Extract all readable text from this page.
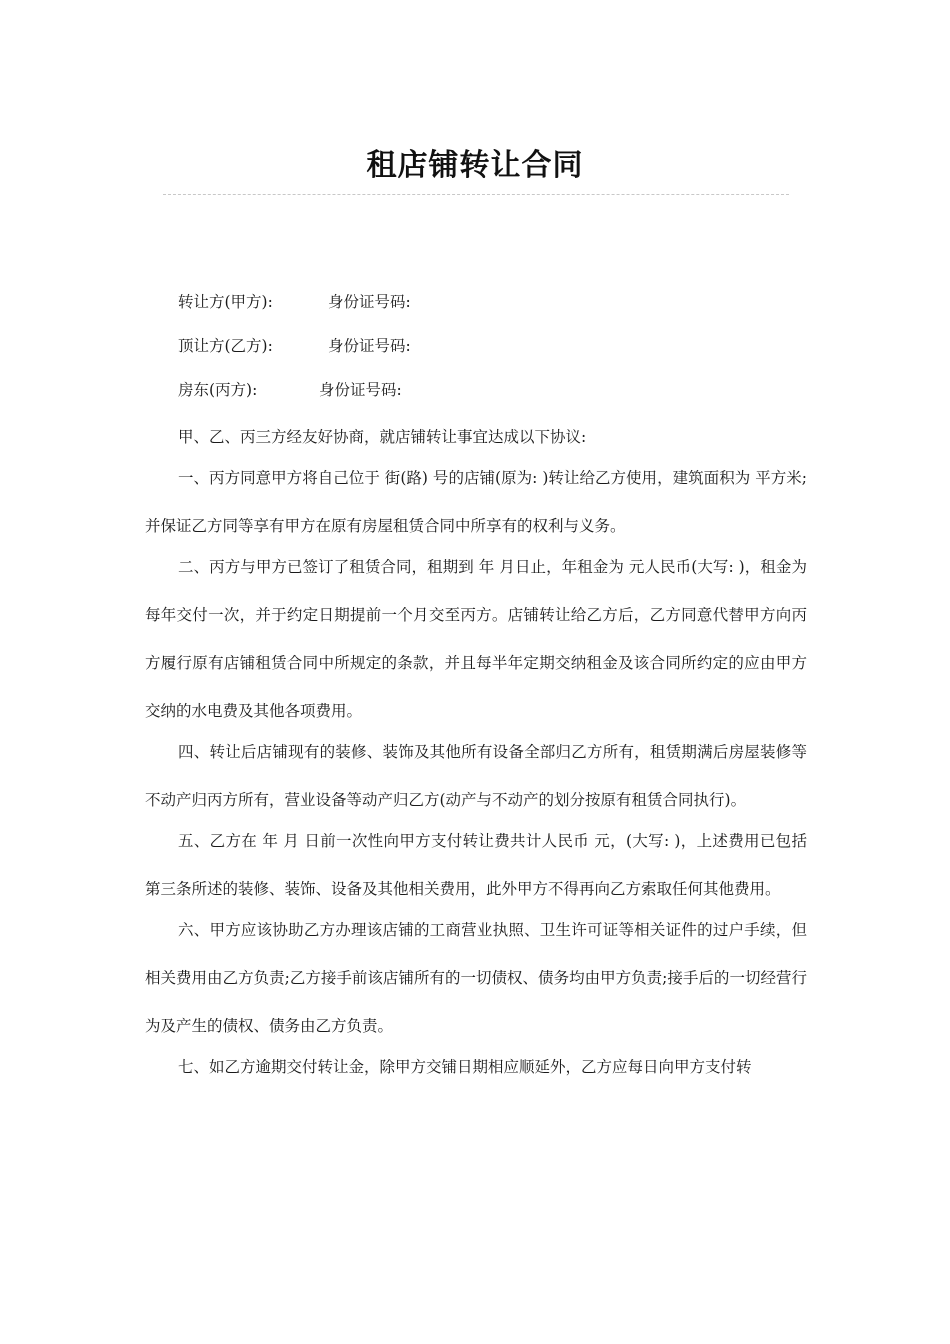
租店铺转让合同
转让方(甲方):	身份证号码:
顶让方(乙方):	身份证号码:
房东(丙方):	身份证号码:

甲、乙、丙三方经友好协商，就店铺转让事宜达成以下协议:

一、丙方同意甲方将自己位于 街(路) 号的店铺(原为: )转让给乙方使用，建筑面积为 平方米;并保证乙方同等享有甲方在原有房屋租赁合同中所享有的权利与义务。

二、丙方与甲方已签订了租赁合同，租期到 年 月日止，年租金为 元人民币(大写: )，租金为每年交付一次，并于约定日期提前一个月交至丙方。店铺转让给乙方后，乙方同意代替甲方向丙方履行原有店铺租赁合同中所规定的条款，并且每半年定期交纳租金及该合同所约定的应由甲方交纳的水电费及其他各项费用。

四、转让后店铺现有的装修、装饰及其他所有设备全部归乙方所有，租赁期满后房屋装修等不动产归丙方所有，营业设备等动产归乙方(动产与不动产的划分按原有租赁合同执行)。

五、乙方在 年 月 日前一次性向甲方支付转让费共计人民币 元，(大写: )，上述费用已包括第三条所述的装修、装饰、设备及其他相关费用，此外甲方不得再向乙方索取任何其他费用。

六、甲方应该协助乙方办理该店铺的工商营业执照、卫生许可证等相关证件的过户手续，但相关费用由乙方负责;乙方接手前该店铺所有的一切债权、债务均由甲方负责;接手后的一切经营行为及产生的债权、债务由乙方负责。

七、如乙方逾期交付转让金，除甲方交铺日期相应顺延外，乙方应每日向甲方支付转
